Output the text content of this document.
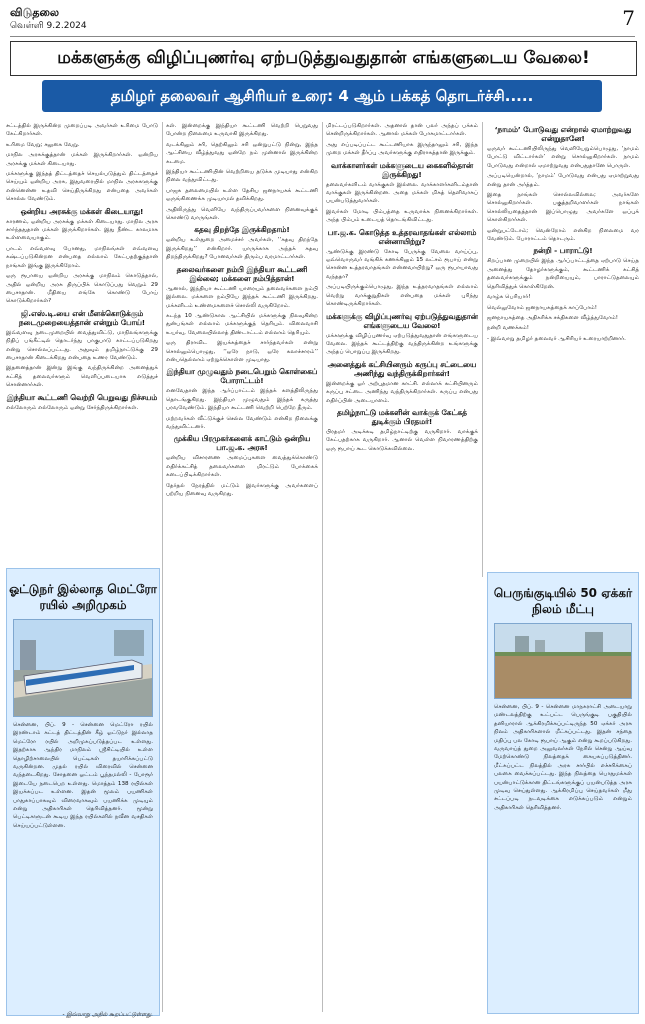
விடுதலை
வெள்ளி 9.2.2024	7
மக்களுக்கு விழிப்புணர்வு ஏற்படுத்துவதுதான் எங்களுடைய வேலை!
தமிழர் தலைவர் ஆசிரியர் உரை: 4 ஆம் பக்கத் தொடர்ச்சி.....

சட்டத்தில் இருக்கின்ற முறைப்படி அவர்கள் உரிமை போடு கேட்கிறார்கள்.

உரிமை வேறு; சலுகை வேறு.

மாநில அரசுக்குத்தான் மக்கள் இருக்கிறார்கள். ஒன்றிய அரசுக்கு மக்கள் கிடையாது.

மக்களுக்கு இந்தத் திட்டத்தைச் செயல்படுத்தும் திட்டத்தைச் செய்யும் ஒன்றிய அரசு, இதுவரையில் மாநில அரசுகளுக்கு என்னென்ன உதவி செய்திருக்கிறது என்பதை அவர்கள் சொல்ல வேண்டும்.

ஒன்றிய அரசுக்கு மக்கள் கிடையாது!

காரணம், ஒன்றிய அரசுக்கு மக்கள் கிடையாது. மாநில அரசு சார்ந்ததுதான் மக்கள் இருக்கிறார்கள். இது நீண்ட காலமாக உள்ளவையாகும்.

பாடம் எவ்வளவு போனது, மாநிலங்கள் எவ்வளவு கஷ்டப்படுகின்றன என்பதை எல்லாம் கேட்பதற்குத்தான் நாங்கள் இங்கு இருக்கிறோம்.

ஒரு ரூபாயை ஒன்றிய அரசுக்கு மாநிலம் கொடுத்தால், அதில் ஒன்றிய அரசு திருப்பிக் கொடுப்பது வெறும் 29 பைசாதான். மீதியை எங்கே கொண்டு போய் கொடுக்கிறார்கள்?

ஜி.எஸ்.டி.யை என் மீளக்கொடுக்கும் நடைமுறையைத்தான் என்றும் போய்!

இவ்வளவு நடைமுறையில் வைத்துவிட்டு, மாநிலங்களுக்கு நிதிப் பங்கீட்டில் தொடர்ந்து பாகுபாடு காட்டப்படுகிறது என்று சொல்லப்பட்டது. அதுவும் தமிழ்நாட்டுக்கு 29 பைசாதான் கிடைக்கிறது என்பதை உணர வேண்டும்.

இதனைத்தான் இன்று இங்கு வந்திருக்கின்ற அனைத்துக் கட்சித் தலைவர்களும் வெளிப்படையாக எடுத்துச் சொன்னார்கள்.

இந்தியா கூட்டணி வெற்றி பெறுவது நிச்சயம்

எல்லோரும் எல்லோரும் ஒன்று சேர்ந்திருக்கிறார்கள்.

கள். இன்றைக்கு இந்தியா கூட்டணி வெற்றி பெறுவது போன்ற நிலைமை உருவாகி இருக்கிறது.

வடக்கிலும் சரி, தெற்கிலும் சரி ஒன்றுபட்டு நின்று, இந்த ஆட்சியை வீழ்த்துவது ஒன்றே நம் முன்னால் இருக்கின்ற கடமை.

இந்தியா கூட்டணியின் வெற்றியை தடுக்க முடியாது என்கிற நிலை வந்துவிட்டது.

பாஜக தலைமையில் உள்ள தேசிய ஜனநாயகக் கூட்டணி ஒருங்கிணைக்க முடியாமல் தவிக்கிறது.

அதிலிருந்து வெளியே வந்திருப்பவர்களை நினைவுக்குக் கொண்டு வாருங்கள்.

கதவு திறந்தே இருக்கிறதாம்!

ஒன்றிய உள்துறை அமைச்சர் அவர்கள், ‘‘கதவு திறந்தே இருக்கிறது’’ என்கிறார். யாருக்காக அந்தக் கதவு திறந்திருக்கிறது? போனவர்கள் திரும்ப வரமாட்டார்கள்.

தலைவர்களை நம்பி இந்தியா கூட்டணி இல்லை; மக்களை நம்பித்தான்!

ஆனால், இந்தியா கூட்டணி யாரையும் தலைவர்களை நம்பி இல்லை. மக்களை நம்பியே இந்தக் கூட்டணி இருக்கிறது. மக்களிடம் உண்மைகளைச் சொல்லி வருகிறோம்.

கடந்த 10 ஆண்டுகால ஆட்சியில் மக்களுக்கு நிலவுகின்ற துன்பங்கள் எல்லாம் மக்களுக்குத் தெரியும். விலைவாசி உயர்வு, வேலையில்லாத் திண்டாட்டம் எல்லாம் தெரியும்.

ஒரு திராவிட இயக்கத்தைச் சார்ந்தவர்கள் என்று சொல்லும்பொழுது, ‘‘ஒரே நாடு, ஒரே கலாச்சாரம்’’ என்பதெல்லாம் ஏற்றுக்கொள்ள முடியாது.

இந்தியா முழுவதும் நடைபெறும் கொள்கைப் போராட்டம்!

எனவேதான் இந்த ஆர்ப்பாட்டம் இந்தக் களத்திலிருந்து தொடங்குகிறது. இந்தியா முழுவதும் இந்தக் கருத்து பரவவேண்டும். இந்தியா கூட்டணி வெற்றி பெற்றே தீரும்.

மற்றவர்கள் வீட்டுக்குச் செல்ல வேண்டும் என்கிற நிலைக்கு வந்துவிட்டனர்.

முக்கிய பிரமுகர்களைக் காட்டும் ஒன்றிய பா.ஜ.க. அரசு!

ஒன்றிய விசாரணை அமைப்புகளை வைத்துக்கொண்டு எதிர்க்கட்சித் தலைவர்களை மிரட்டும் போக்கைக் கடைப்பிடிக்கிறார்கள்.

தேர்தல் நேரத்தில் மட்டும் இவர்களுக்கு அவர்களைப் பற்றிய நினைவு வருகிறது.

மிரட்டப்படுகிறார்கள். அதனால் தான் பலர் அந்தப் பக்கம் சென்றிருக்கிறார்கள். ஆனால் மக்கள் போகமாட்டார்கள்.

அது எப்படிப்பட்ட கூட்டணியாக இருந்தாலும் சரி, இந்த முறை மக்கள் தீர்ப்பு அவர்களுக்கு எதிராகத்தான் இருக்கும்.

வாக்காளர்கள் மக்களுடைய கைகளில்தான் இருக்கிறது!

தலைவர்களிடம் வாக்குகள் இல்லை. வாக்காளர்களிடம்தான் வாக்குகள் இருக்கின்றன. அதை மக்கள் மிகத் தெளிவாகப் பயன்படுத்துவார்கள்.

இவர்கள் மோடி பிம்பத்தை உருவாக்க நினைக்கிறார்கள். அந்த பிம்பம் உடையத் தொடங்கிவிட்டது.

பா.ஜ.க. கொடுத்த உத்தரவாதங்கள் எல்லாம் என்னாயிற்று?

ஆண்டுக்கு இரண்டு கோடி பேருக்கு வேலை வாய்ப்பு, ஒவ்வொருவர் வங்கிக் கணக்கிலும் 15 லட்சம் ரூபாய் என்று சொன்ன உத்தரவாதங்கள் என்னவாயிற்று? ஒரு ரூபாயாவது வந்ததா?

அப்படியிருக்கும்பொழுது, இந்த உத்தரவாதங்கள் எல்லாம் வெற்று வாக்குறுதிகள் என்பதை மக்கள் புரிந்து கொண்டிருக்கிறார்கள்.

மக்களுக்கு விழிப்புணர்வு ஏற்படுத்துவதுதான் எங்களுடைய வேலை!

மக்களுக்கு விழிப்புணர்வு ஏற்படுத்துவதுதான் எங்களுடைய வேலை. இந்தக் கூட்டத்திற்கு வந்திருக்கின்ற உங்களுக்கு அந்தப் பொறுப்பு இருக்கிறது.

அனைத்துக் கட்சியினரும் கருப்பு சட்டையை அணிந்து வந்திருக்கிறார்கள்!

இன்றைக்கு ஓர் அற்புதமான காட்சி. எல்லாக் கட்சியினரும் கருப்பு சட்டை அணிந்து வந்திருக்கிறார்கள். கருப்பு என்பது எதிர்ப்பின் அடையாளம்.

தமிழ்நாட்டு மக்களின் வாக்குக் கேட்கத் துடிக்கும் பிரதமர்!

பிரதமர் அடிக்கடி தமிழ்நாட்டிற்கு வருகிறார். வாக்குக் கேட்பதற்காக வருகிறார். ஆனால் வெள்ள நிவாரணத்திற்கு ஒரு ரூபாய் கூட கொடுக்கவில்லை.

‘நாமம்’ போடுவது என்றால் ஏமாற்றுவது என்றுதானே!

ஒருவர் கூட்டணியிலிருந்து வெளியேறும்பொழுது, ‘நாமம் போட்டு விட்டார்கள்’ என்று சொல்லுகிறார்கள். நாமம் போடுவது என்றால் ஏமாற்றுவது என்பதுதானே பொருள்.

அப்படியென்றால், ‘நாமம்’ போடுவது என்பது ஏமாற்றுவது என்று தான் அர்த்தம்.

இதை நாங்கள் சொல்லவில்லை; அவர்களே சொல்லுகிறார்கள். பகுத்தறிவாளர்கள் நாங்கள் சொல்லியதைத்தான் இப்பொழுது அவர்களே ஒப்புக் கொள்கிறார்கள்.

ஒன்றுபட்டோம்; வென்றோம் என்கிற நிலைமை வர வேண்டும். போராட்டம் தொடரும்.

நன்றி - பாராட்டு!

சிறப்பான முறையில் இந்த ஆர்ப்பாட்டத்தை ஏற்பாடு செய்த அனைத்து தோழர்களுக்கும், கூட்டணிக் கட்சித் தலைவர்களுக்கும் நன்றியையும், பாராட்டுதலையும் தெரிவித்துக் கொள்கிறேன்.

வாழ்க பெரியார்!

வெல்லுவோம் ஜனநாயகத்தைக் காப்போம்!

ஜனநாயகத்தை அதிகரிக்க சக்திகளை வீழ்த்துவோம்!

நன்றி வணக்கம்!

- இவ்வாறு தமிழர் தலைவர் ஆசிரியர் உரையாற்றினார்.

ஓட்டுநர் இல்லாத மெட்ரோ ரயில் அறிமுகம்
சென்னை, பிப். 9 - சென்னை மெட்ரோ ரயில் இரண்டாம் கட்டத் திட்டத்தின் கீழ் ஓட்டுநர் இல்லாத மெட்ரோ ரயில் அறிமுகப்படுத்தப்பட உள்ளது. இதற்காக ஆந்திர மாநிலம் ஸ்ரீசிட்டியில் உள்ள தொழிற்சாலையில் பெட்டிகள் தயாரிக்கப்பட்டு வருகின்றன. முதல் ரயில் விரைவில் சென்னை வந்தடைகிறது. சோதனை ஓட்டம் பூந்தமல்லி - போரூர் இடையே நடைபெற உள்ளது. மொத்தம் 138 ரயில்கள் இயக்கப்பட உள்ளன. இதன் மூலம் பயணிகள் பாதுகாப்பாகவும் விரைவாகவும் பயணிக்க முடியும் என்று அதிகாரிகள் தெரிவித்தனர். மூன்று பெட்டிகளுடன் கூடிய இந்த ரயில்களில் நவீன வசதிகள் செய்யப்பட்டுள்ளன.
- இவ்வாறு அதில் கூறப்பட்டுள்ளது.
பெருங்குடியில் 50 ஏக்கர் நிலம் மீட்பு
சென்னை, பிப். 9 - சென்னை மாநகராட்சி அடையாறு மண்டலத்திற்கு உட்பட்ட பெருங்குடி பகுதியில் தனியாரால் ஆக்கிரமிக்கப்பட்டிருந்த 50 ஏக்கர் அரசு நிலம் அதிகாரிகளால் மீட்கப்பட்டது. இதன் சந்தை மதிப்பு பல கோடி ரூபாய் ஆகும் என்று கூறப்படுகிறது. வருவாய்த் துறை அலுவலர்கள் நேரில் சென்று ஆய்வு மேற்கொண்டு நிலத்தைக் கையகப்படுத்தினர். மீட்கப்பட்ட நிலத்தில் அரசு சார்பில் எச்சரிக்கைப் பலகை வைக்கப்பட்டது. இந்த நிலத்தை பொதுமக்கள் பயன்பாட்டுக்கான திட்டங்களுக்குப் பயன்படுத்த அரசு முடிவு செய்துள்ளது. ஆக்கிரமிப்பு செய்தவர்கள் மீது சட்டப்படி நடவடிக்கை எடுக்கப்படும் என்றும் அதிகாரிகள் தெரிவித்தனர்.
